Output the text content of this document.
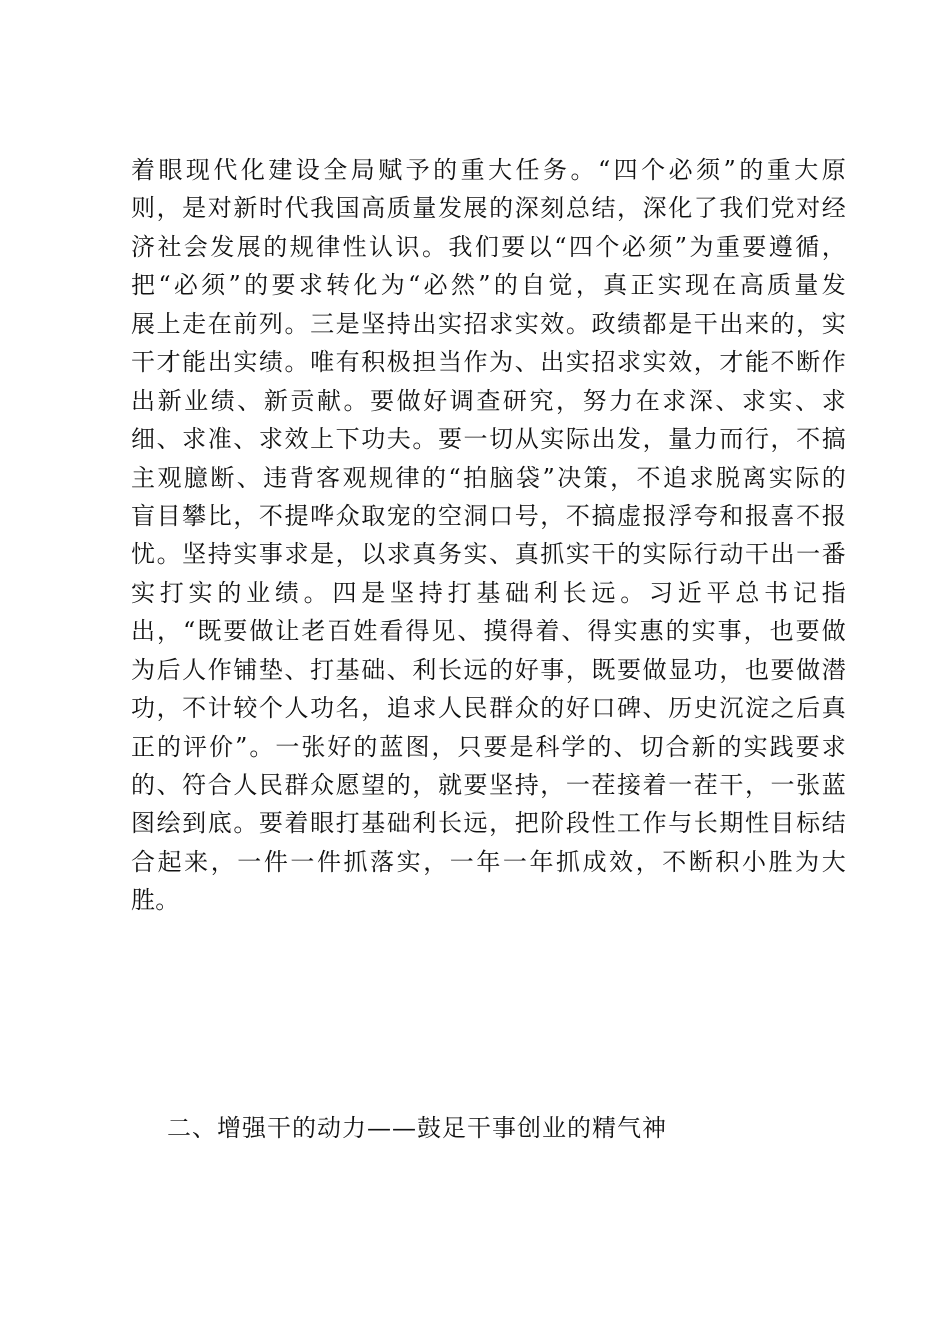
着眼现代化建设全局赋予的重大任务。“四个必须”的重大原
则，是对新时代我国高质量发展的深刻总结，深化了我们党对经
济社会发展的规律性认识。我们要以“四个必须”为重要遵循，
把“必须”的要求转化为“必然”的自觉，真正实现在高质量发
展上走在前列。三是坚持出实招求实效。政绩都是干出来的，实
干才能出实绩。唯有积极担当作为、出实招求实效，才能不断作
出新业绩、新贡献。要做好调查研究，努力在求深、求实、求
细、求准、求效上下功夫。要一切从实际出发，量力而行，不搞
主观臆断、违背客观规律的“拍脑袋”决策，不追求脱离实际的
盲目攀比，不提哗众取宠的空洞口号，不搞虚报浮夸和报喜不报
忧。坚持实事求是，以求真务实、真抓实干的实际行动干出一番
实打实的业绩。四是坚持打基础利长远。习近平总书记指
出，“既要做让老百姓看得见、摸得着、得实惠的实事，也要做
为后人作铺垫、打基础、利长远的好事，既要做显功，也要做潜
功，不计较个人功名，追求人民群众的好口碑、历史沉淀之后真
正的评价”。一张好的蓝图，只要是科学的、切合新的实践要求
的、符合人民群众愿望的，就要坚持，一茬接着一茬干，一张蓝
图绘到底。要着眼打基础利长远，把阶段性工作与长期性目标结
合起来，一件一件抓落实，一年一年抓成效，不断积小胜为大
胜。
二、增强干的动力——鼓足干事创业的精气神
